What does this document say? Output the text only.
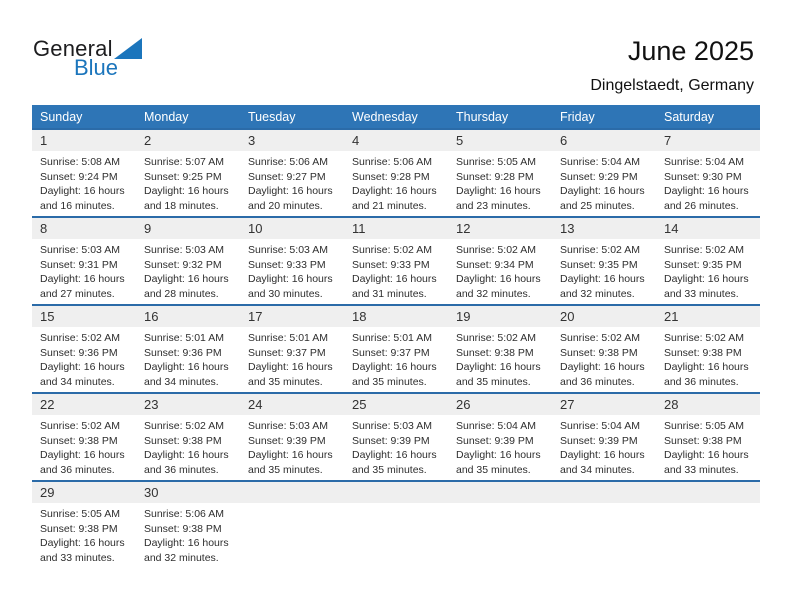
General
Blue
June 2025
Dingelstaedt, Germany
Sunday	Monday	Tuesday	Wednesday	Thursday	Friday	Saturday
1	2	3	4	5	6	7
Sunrise: 5:08 AM
Sunset: 9:24 PM
Daylight: 16 hours
and 16 minutes.
Sunrise: 5:07 AM
Sunset: 9:25 PM
Daylight: 16 hours
and 18 minutes.
Sunrise: 5:06 AM
Sunset: 9:27 PM
Daylight: 16 hours
and 20 minutes.
Sunrise: 5:06 AM
Sunset: 9:28 PM
Daylight: 16 hours
and 21 minutes.
Sunrise: 5:05 AM
Sunset: 9:28 PM
Daylight: 16 hours
and 23 minutes.
Sunrise: 5:04 AM
Sunset: 9:29 PM
Daylight: 16 hours
and 25 minutes.
Sunrise: 5:04 AM
Sunset: 9:30 PM
Daylight: 16 hours
and 26 minutes.
8	9	10	11	12	13	14
Sunrise: 5:03 AM
Sunset: 9:31 PM
Daylight: 16 hours
and 27 minutes.
Sunrise: 5:03 AM
Sunset: 9:32 PM
Daylight: 16 hours
and 28 minutes.
Sunrise: 5:03 AM
Sunset: 9:33 PM
Daylight: 16 hours
and 30 minutes.
Sunrise: 5:02 AM
Sunset: 9:33 PM
Daylight: 16 hours
and 31 minutes.
Sunrise: 5:02 AM
Sunset: 9:34 PM
Daylight: 16 hours
and 32 minutes.
Sunrise: 5:02 AM
Sunset: 9:35 PM
Daylight: 16 hours
and 32 minutes.
Sunrise: 5:02 AM
Sunset: 9:35 PM
Daylight: 16 hours
and 33 minutes.
15	16	17	18	19	20	21
Sunrise: 5:02 AM
Sunset: 9:36 PM
Daylight: 16 hours
and 34 minutes.
Sunrise: 5:01 AM
Sunset: 9:36 PM
Daylight: 16 hours
and 34 minutes.
Sunrise: 5:01 AM
Sunset: 9:37 PM
Daylight: 16 hours
and 35 minutes.
Sunrise: 5:01 AM
Sunset: 9:37 PM
Daylight: 16 hours
and 35 minutes.
Sunrise: 5:02 AM
Sunset: 9:38 PM
Daylight: 16 hours
and 35 minutes.
Sunrise: 5:02 AM
Sunset: 9:38 PM
Daylight: 16 hours
and 36 minutes.
Sunrise: 5:02 AM
Sunset: 9:38 PM
Daylight: 16 hours
and 36 minutes.
22	23	24	25	26	27	28
Sunrise: 5:02 AM
Sunset: 9:38 PM
Daylight: 16 hours
and 36 minutes.
Sunrise: 5:02 AM
Sunset: 9:38 PM
Daylight: 16 hours
and 36 minutes.
Sunrise: 5:03 AM
Sunset: 9:39 PM
Daylight: 16 hours
and 35 minutes.
Sunrise: 5:03 AM
Sunset: 9:39 PM
Daylight: 16 hours
and 35 minutes.
Sunrise: 5:04 AM
Sunset: 9:39 PM
Daylight: 16 hours
and 35 minutes.
Sunrise: 5:04 AM
Sunset: 9:39 PM
Daylight: 16 hours
and 34 minutes.
Sunrise: 5:05 AM
Sunset: 9:38 PM
Daylight: 16 hours
and 33 minutes.
29	30
Sunrise: 5:05 AM
Sunset: 9:38 PM
Daylight: 16 hours
and 33 minutes.
Sunrise: 5:06 AM
Sunset: 9:38 PM
Daylight: 16 hours
and 32 minutes.
